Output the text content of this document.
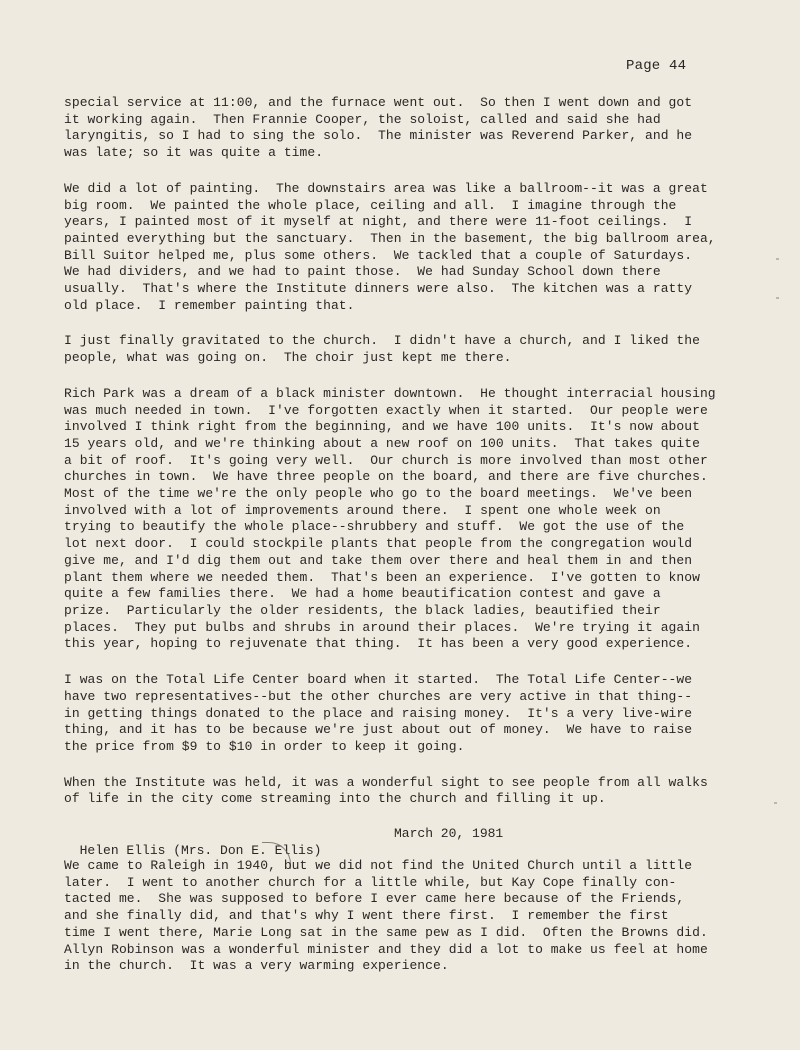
Page 44
special service at 11:00, and the furnace went out.  So then I went down and got
it working again.  Then Frannie Cooper, the soloist, called and said she had
laryngitis, so I had to sing the solo.  The minister was Reverend Parker, and he
was late; so it was quite a time.
We did a lot of painting.  The downstairs area was like a ballroom--it was a great
big room.  We painted the whole place, ceiling and all.  I imagine through the
years, I painted most of it myself at night, and there were 11-foot ceilings.  I
painted everything but the sanctuary.  Then in the basement, the big ballroom area,
Bill Suitor helped me, plus some others.  We tackled that a couple of Saturdays.
We had dividers, and we had to paint those.  We had Sunday School down there
usually.  That's where the Institute dinners were also.  The kitchen was a ratty
old place.  I remember painting that.
I just finally gravitated to the church.  I didn't have a church, and I liked the
people, what was going on.  The choir just kept me there.
Rich Park was a dream of a black minister downtown.  He thought interracial housing
was much needed in town.  I've forgotten exactly when it started.  Our people were
involved I think right from the beginning, and we have 100 units.  It's now about
15 years old, and we're thinking about a new roof on 100 units.  That takes quite
a bit of roof.  It's going very well.  Our church is more involved than most other
churches in town.  We have three people on the board, and there are five churches.
Most of the time we're the only people who go to the board meetings.  We've been
involved with a lot of improvements around there.  I spent one whole week on
trying to beautify the whole place--shrubbery and stuff.  We got the use of the
lot next door.  I could stockpile plants that people from the congregation would
give me, and I'd dig them out and take them over there and heal them in and then
plant them where we needed them.  That's been an experience.  I've gotten to know
quite a few families there.  We had a home beautification contest and gave a
prize.  Particularly the older residents, the black ladies, beautified their
places.  They put bulbs and shrubs in around their places.  We're trying it again
this year, hoping to rejuvenate that thing.  It has been a very good experience.
I was on the Total Life Center board when it started.  The Total Life Center--we
have two representatives--but the other churches are very active in that thing--
in getting things donated to the place and raising money.  It's a very live-wire
thing, and it has to be because we're just about out of money.  We have to raise
the price from $9 to $10 in order to keep it going.
When the Institute was held, it was a wonderful sight to see people from all walks
of life in the city come streaming into the church and filling it up.

Helen Ellis (Mrs. Don E. Ellis)

March 20, 1981

We came to Raleigh in 1940, but we did not find the United Church until a little
later.  I went to another church for a little while, but Kay Cope finally con-
tacted me.  She was supposed to before I ever came here because of the Friends,
and she finally did, and that's why I went there first.  I remember the first
time I went there, Marie Long sat in the same pew as I did.  Often the Browns did.
Allyn Robinson was a wonderful minister and they did a lot to make us feel at home
in the church.  It was a very warming experience.
